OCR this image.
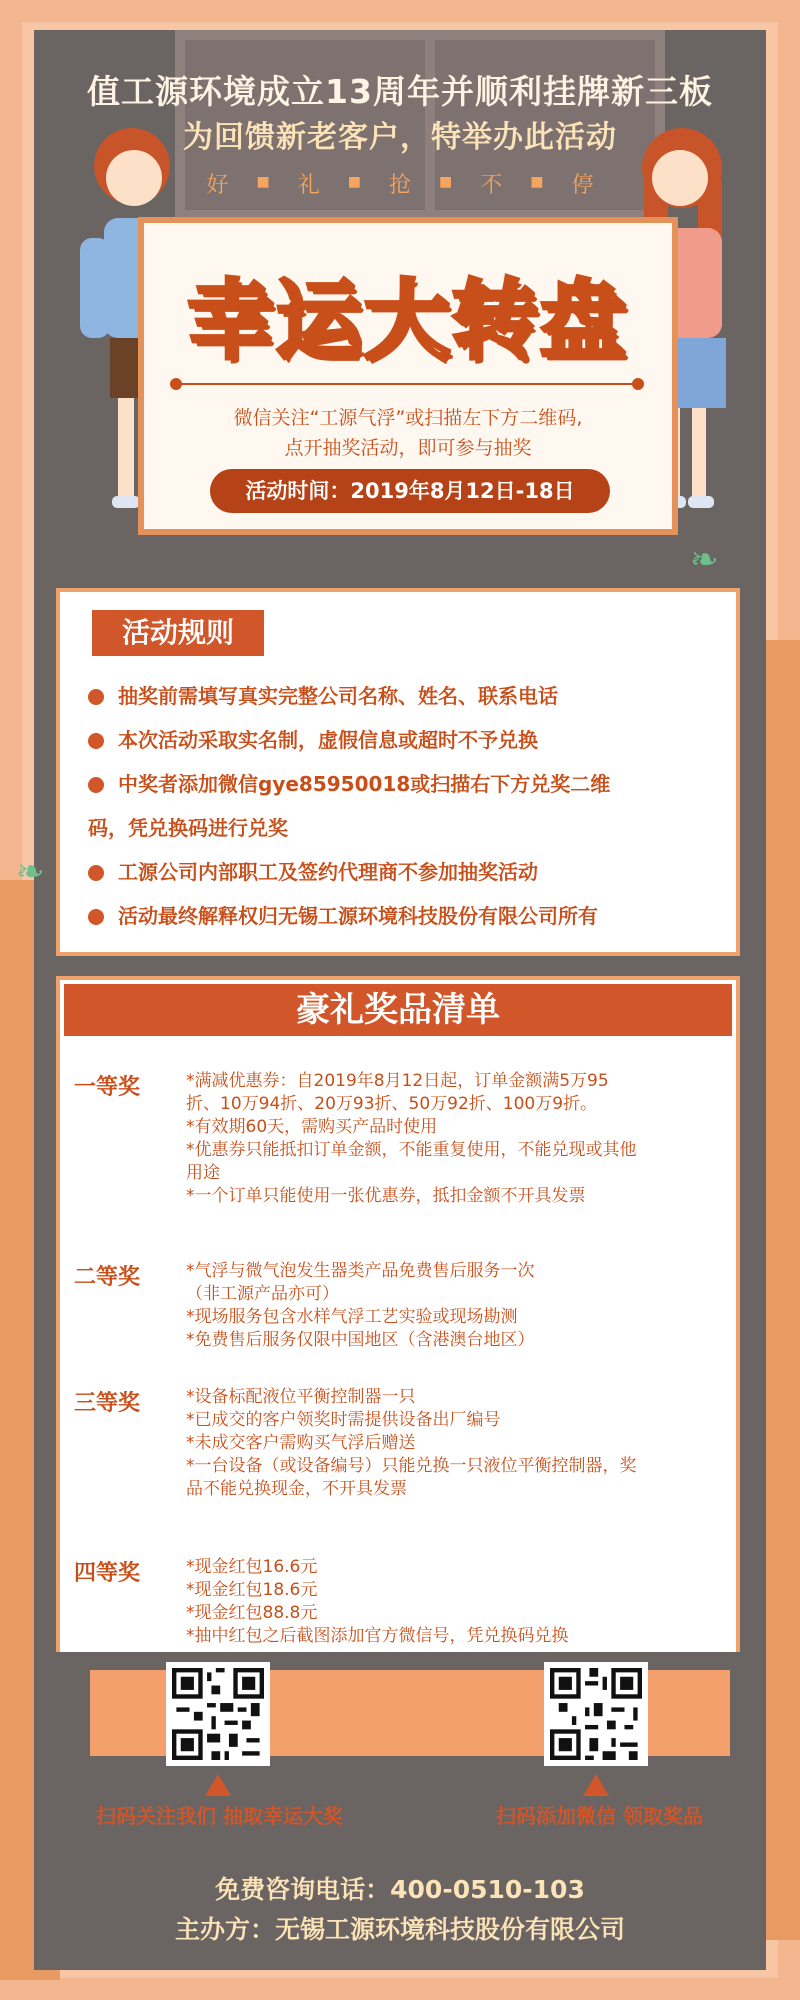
值工源环境成立13周年并顺利挂牌新三板
为回馈新老客户，特举办此活动
好 ■ 礼 ■ 抢 ■ 不 ■ 停
幸运大转盘
微信关注“工源气浮”或扫描左下方二维码,
点开抽奖活动，即可参与抽奖
活动时间：2019年8月12日-18日
❧
❧
活动规则
抽奖前需填写真实完整公司名称、姓名、联系电话
本次活动采取实名制，虚假信息或超时不予兑换
中奖者添加微信gye85950018或扫描右下方兑奖二维
码，凭兑换码进行兑奖
工源公司内部职工及签约代理商不参加抽奖活动
活动最终解释权归无锡工源环境科技股份有限公司所有
豪礼奖品清单
一等奖	*满减优惠券：自2019年8月12日起，订单金额满5万95
折、10万94折、20万93折、50万92折、100万9折。
*有效期60天，需购买产品时使用
*优惠券只能抵扣订单金额，不能重复使用，不能兑现或其他
用途
*一个订单只能使用一张优惠券，抵扣金额不开具发票
二等奖	*气浮与微气泡发生器类产品免费售后服务一次
（非工源产品亦可）
*现场服务包含水样气浮工艺实验或现场勘测
*免费售后服务仅限中国地区（含港澳台地区）
三等奖	*设备标配液位平衡控制器一只
*已成交的客户领奖时需提供设备出厂编号
*未成交客户需购买气浮后赠送
*一台设备（或设备编号）只能兑换一只液位平衡控制器，奖
品不能兑换现金，不开具发票
四等奖	*现金红包16.6元
*现金红包18.6元
*现金红包88.8元
*抽中红包之后截图添加官方微信号，凭兑换码兑换
扫码关注我们 抽取幸运大奖	扫码添加微信 领取奖品
免费咨询电话：400-0510-103
主办方：无锡工源环境科技股份有限公司
